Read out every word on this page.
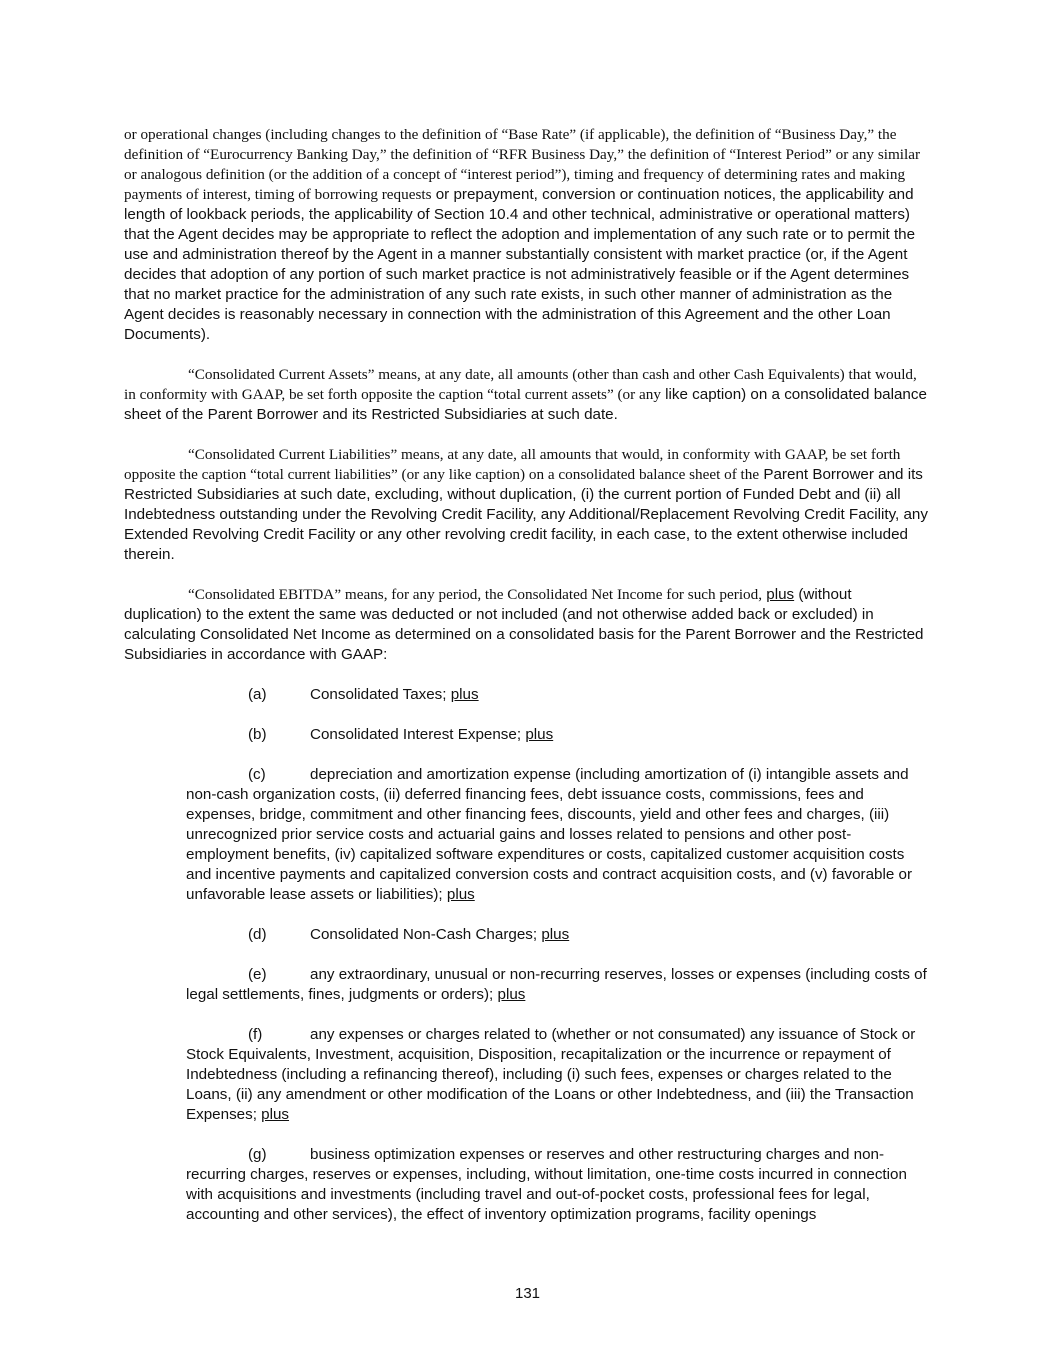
or operational changes (including changes to the definition of “Base Rate” (if applicable), the definition of “Business Day,” the definition of “Eurocurrency Banking Day,” the definition of “RFR Business Day,” the definition of “Interest Period” or any similar or analogous definition (or the addition of a concept of “interest period”), timing and frequency of determining rates and making payments of interest, timing of borrowing requests or prepayment, conversion or continuation notices, the applicability and length of lookback periods, the applicability of Section 10.4 and other technical, administrative or operational matters) that the Agent decides may be appropriate to reflect the adoption and implementation of any such rate or to permit the use and administration thereof by the Agent in a manner substantially consistent with market practice (or, if the Agent decides that adoption of any portion of such market practice is not administratively feasible or if the Agent determines that no market practice for the administration of any such rate exists, in such other manner of administration as the Agent decides is reasonably necessary in connection with the administration of this Agreement and the other Loan Documents).

“Consolidated Current Assets” means, at any date, all amounts (other than cash and other Cash Equivalents) that would, in conformity with GAAP, be set forth opposite the caption “total current assets” (or any like caption) on a consolidated balance sheet of the Parent Borrower and its Restricted Subsidiaries at such date.

“Consolidated Current Liabilities” means, at any date, all amounts that would, in conformity with GAAP, be set forth opposite the caption “total current liabilities” (or any like caption) on a consolidated balance sheet of the Parent Borrower and its Restricted Subsidiaries at such date, excluding, without duplication, (i) the current portion of Funded Debt and (ii) all Indebtedness outstanding under the Revolving Credit Facility, any Additional/Replacement Revolving Credit Facility, any Extended Revolving Credit Facility or any other revolving credit facility, in each case, to the extent otherwise included therein.

“Consolidated EBITDA” means, for any period, the Consolidated Net Income for such period, plus (without duplication) to the extent the same was deducted or not included (and not otherwise added back or excluded) in calculating Consolidated Net Income as determined on a consolidated basis for the Parent Borrower and the Restricted Subsidiaries in accordance with GAAP:

(a)	Consolidated Taxes; plus

(b)	Consolidated Interest Expense; plus

(c)	depreciation and amortization expense (including amortization of (i) intangible assets and non-cash organization costs, (ii) deferred financing fees, debt issuance costs, commissions, fees and expenses, bridge, commitment and other financing fees, discounts, yield and other fees and charges, (iii) unrecognized prior service costs and actuarial gains and losses related to pensions and other post-employment benefits, (iv) capitalized software expenditures or costs, capitalized customer acquisition costs and incentive payments and capitalized conversion costs and contract acquisition costs, and (v) favorable or unfavorable lease assets or liabilities); plus

(d)	Consolidated Non-Cash Charges; plus

(e)	any extraordinary, unusual or non-recurring reserves, losses or expenses (including costs of legal settlements, fines, judgments or orders); plus

(f)	any expenses or charges related to (whether or not consumated) any issuance of Stock or Stock Equivalents, Investment, acquisition, Disposition, recapitalization or the incurrence or repayment of Indebtedness (including a refinancing thereof), including (i) such fees, expenses or charges related to the Loans, (ii) any amendment or other modification of the Loans or other Indebtedness, and (iii) the Transaction Expenses; plus

(g)	business optimization expenses or reserves and other restructuring charges and non-recurring charges, reserves or expenses, including, without limitation, one-time costs incurred in connection with acquisitions and investments (including travel and out-of-pocket costs, professional fees for legal, accounting and other services), the effect of inventory optimization programs, facility openings

131
